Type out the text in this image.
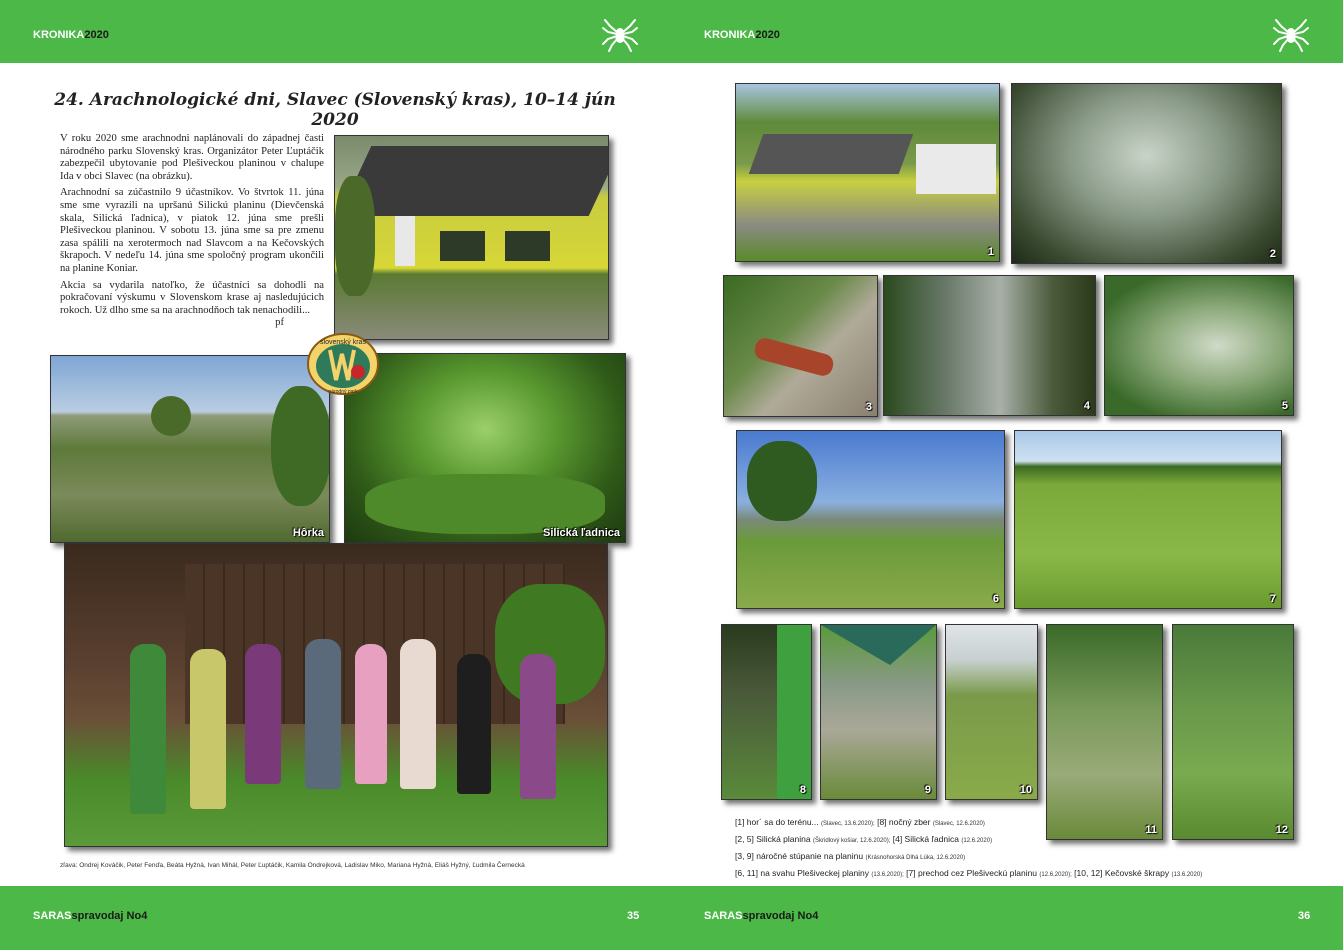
KRONIKA2020	KRONIKA2020
SARASspravodaj No4	35	SARASspravodaj No4	36
24. Arachnologické dni, Slavec (Slovenský kras), 10–14 jún 2020

V roku 2020 sme arachnodni naplánovali do západnej časti národného parku Slovenský kras. Organizátor Peter Ľuptáčik zabezpečil ubytovanie pod Plešiveckou planinou v chalupe Ida v obci Slavec (na obrázku).

Arachnodní sa zúčastnilo 9 účastníkov. Vo štvrtok 11. júna sme sme vyrazili na upršanú Silickú planinu (Dievčenská skala, Silická ľadnica), v piatok 12. júna sme prešli Plešiveckou planinou. V sobotu 13. júna sme sa pre zmenu zasa spálili na xerotermoch nad Slavcom a na Kečovských škrapoch. V nedeľu 14. júna sme spoločný program ukončili na planine Koniar.

Akcia sa vydarila natoľko, že účastníci sa dohodli na pokračovaní výskumu v Slovenskom krase aj nasledujúcich rokoch. Už dlho sme sa na arachnodňoch tak nenachodili...
pf

Hôrka	Silická ľadnica
slovenský kras
národný park
zľava: Ondrej Kováčik, Peter Fenďa, Beáta Hyžná, Ivan Mihál, Peter Ľuptáčik, Kamila Ondrejková, Ladislav Miko, Mariana Hyžná, Eliáš Hyžný, Ľudmila Černecká
1	2
3	4	5
6	7
8	9	10
11	12
[1] hor´ sa do terénu... (Slavec, 13.6.2020); [8] nočný zber (Slavec, 12.6.2020)
[2, 5] Silická planina (Škridlový košiar, 12.6.2020); [4] Silická ľadnica (12.6.2020)
[3, 9] náročné stúpanie na planinu (Krásnohorská Dlhá Lúka, 12.6.2020)
[6, 11] na svahu Plešiveckej planiny (13.6.2020); [7] prechod cez Plešiveckú planinu (12.6.2020); [10, 12] Kečovské škrapy (13.6.2020)
